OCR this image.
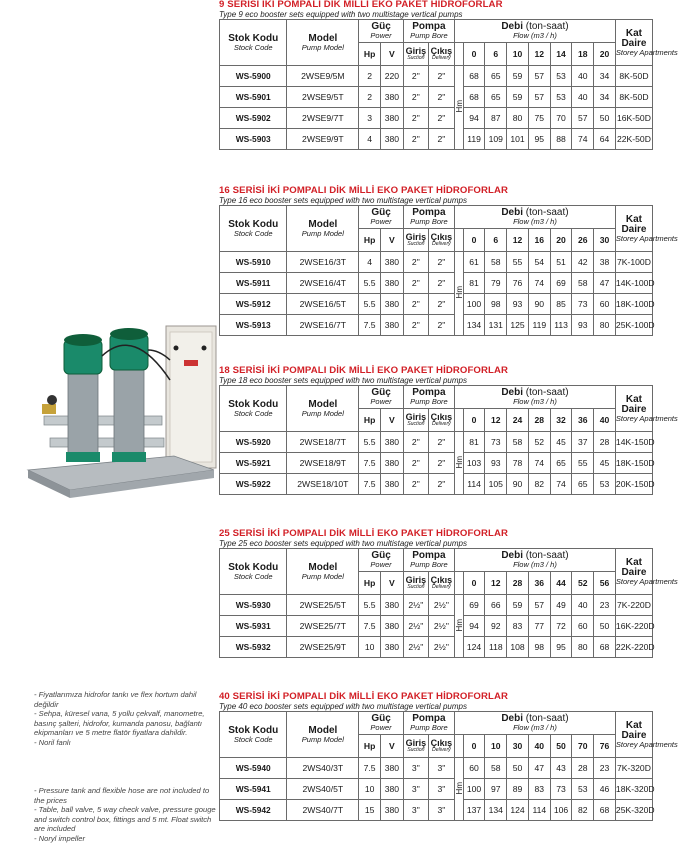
- Fiyatlarımıza hidrofor tankı ve flex hortum dahil değildir
- Sehpa, küresel vana, 5 yollu çekvalf, manometre, basınç şalteri, hidrofor, kumanda panosu, bağlantı ekipmanları ve 5 metre flatör fiyatlara dahildir.
- Noril fanlı
- Pressure tank and flexible hose are not included to the prices
- Table, ball valve, 5 way check valve, pressure gouge and switch control box, fittings and 5 mt. Float switch are included
- Noryl impeller
9 SERİSİ İKİ POMPALI DİK MİLLİ EKO PAKET HİDROFORLAR
Type 9 eco booster sets equipped with two multistage vertical pumps
Stok Kodu
Stock Code	Model
Pump Model	Güç
Power		Pompa
Pump Bore		Debi (ton-saat)
Flow (m3 / h)								Kat
Daire
Storey Apartments

		Hp	V	Giriş
Suction	Çıkış
Delivery		0	6	10	12	14	18	20	
WS-5900	2WSE9/5M	2	220	2"	2"	Hm	68	65	59	57	53	40	34	8K-50D
WS-5901	2WSE9/5T	2	380	2"	2"		68	65	59	57	53	40	34	8K-50D
WS-5902	2WSE9/7T	3	380	2"	2"		94	87	80	75	70	57	50	16K-50D
WS-5903	2WSE9/9T	4	380	2"	2"		119	109	101	95	88	74	64	22K-50D
16 SERİSİ İKİ POMPALI DİK MİLLİ EKO PAKET HİDROFORLAR
Type 16 eco booster sets equipped with two multistage vertical pumps
Stok Kodu
Stock Code	Model
Pump Model	Güç
Power		Pompa
Pump Bore		Debi (ton-saat)
Flow (m3 / h)								Kat
Daire
Storey Apartments

		Hp	V	Giriş
Suction	Çıkış
Delivery		0	6	12	16	20	26	30	
WS-5910	2WSE16/3T	4	380	2"	2"	Hm	61	58	55	54	51	42	38	7K-100D
WS-5911	2WSE16/4T	5.5	380	2"	2"		81	79	76	74	69	58	47	14K-100D
WS-5912	2WSE16/5T	5.5	380	2"	2"		100	98	93	90	85	73	60	18K-100D
WS-5913	2WSE16/7T	7.5	380	2"	2"		134	131	125	119	113	93	80	25K-100D
18 SERİSİ İKİ POMPALI DİK MİLLİ EKO PAKET HİDROFORLAR
Type 18 eco booster sets equipped with two multistage vertical pumps
Stok Kodu
Stock Code	Model
Pump Model	Güç
Power		Pompa
Pump Bore		Debi (ton-saat)
Flow (m3 / h)								Kat
Daire
Storey Apartments

		Hp	V	Giriş
Suction	Çıkış
Delivery		0	12	24	28	32	36	40	
WS-5920	2WSE18/7T	5.5	380	2"	2"	Hm	81	73	58	52	45	37	28	14K-150D
WS-5921	2WSE18/9T	7.5	380	2"	2"		103	93	78	74	65	55	45	18K-150D
WS-5922	2WSE18/10T	7.5	380	2"	2"		114	105	90	82	74	65	53	20K-150D
25 SERİSİ İKİ POMPALI DİK MİLLİ EKO PAKET HİDROFORLAR
Type 25 eco booster sets equipped with two multistage vertical pumps
Stok Kodu
Stock Code	Model
Pump Model	Güç
Power		Pompa
Pump Bore		Debi (ton-saat)
Flow (m3 / h)								Kat
Daire
Storey Apartments

		Hp	V	Giriş
Suction	Çıkış
Delivery		0	12	28	36	44	52	56	
WS-5930	2WSE25/5T	5.5	380	2½"	2½"	Hm	69	66	59	57	49	40	23	7K-220D
WS-5931	2WSE25/7T	7.5	380	2½"	2½"		94	92	83	77	72	60	50	16K-220D
WS-5932	2WSE25/9T	10	380	2½"	2½"		124	118	108	98	95	80	68	22K-220D
40 SERİSİ İKİ POMPALI DİK MİLLİ EKO PAKET HİDROFORLAR
Type 40 eco booster sets equipped with two multistage vertical pumps
Stok Kodu
Stock Code	Model
Pump Model	Güç
Power		Pompa
Pump Bore		Debi (ton-saat)
Flow (m3 / h)								Kat
Daire
Storey Apartments

		Hp	V	Giriş
Suction	Çıkış
Delivery		0	10	30	40	50	70	76	
WS-5940	2WS40/3T	7.5	380	3"	3"	Hm	60	58	50	47	43	28	23	7K-320D
WS-5941	2WS40/5T	10	380	3"	3"		100	97	89	83	73	53	46	18K-320D
WS-5942	2WS40/7T	15	380	3"	3"		137	134	124	114	106	82	68	25K-320D
